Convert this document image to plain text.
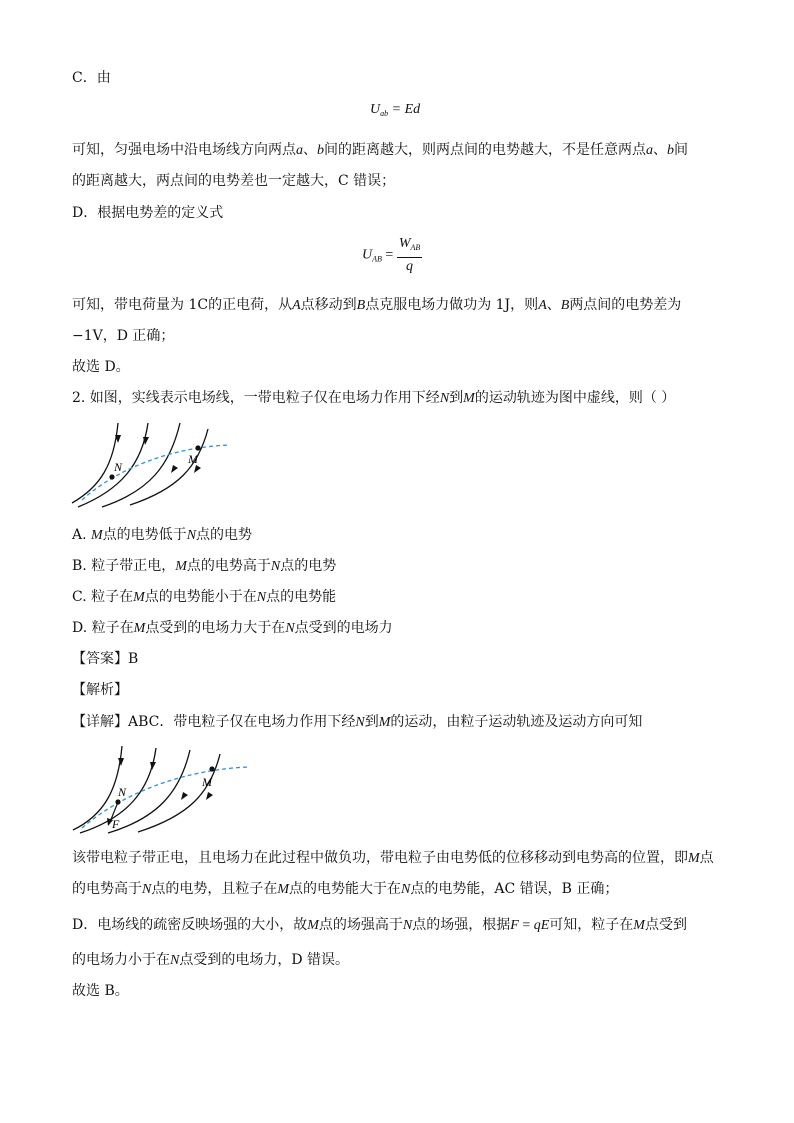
C．由
$U_{ab} = Ed$
可知，匀强电场中沿电场线方向两点a、b间的距离越大，则两点间的电势越大，不是任意两点a、b间
的距离越大，两点间的电势差也一定越大，C 错误；
D．根据电势差的定义式
$U_{AB} = \frac{W_{AB}}{q}$
可知，带电荷量为 1C的正电荷，从A点移动到B点克服电场力做功为 1J，则A、B两点间的电势差为
−1V，D 正确；
故选 D。
2. 如图，实线表示电场线，一带电粒子仅在电场力作用下经N到M的运动轨迹为图中虚线，则（ ）
N
M
A. M点的电势低于N点的电势
B. 粒子带正电，M点的电势高于N点的电势
C. 粒子在M点的电势能小于在N点的电势能
D. 粒子在M点受到的电场力大于在N点受到的电场力
【答案】B
【解析】
【详解】ABC．带电粒子仅在电场力作用下经N到M的运动，由粒子运动轨迹及运动方向可知
N
M
F
该带电粒子带正电，且电场力在此过程中做负功，带电粒子由电势低的位移移动到电势高的位置，即M点
的电势高于N点的电势，且粒子在M点的电势能大于在N点的电势能，AC 错误，B 正确；
D．电场线的疏密反映场强的大小，故M点的场强高于N点的场强，根据F = qE可知，粒子在M点受到
的电场力小于在N点受到的电场力，D 错误。
故选 B。
